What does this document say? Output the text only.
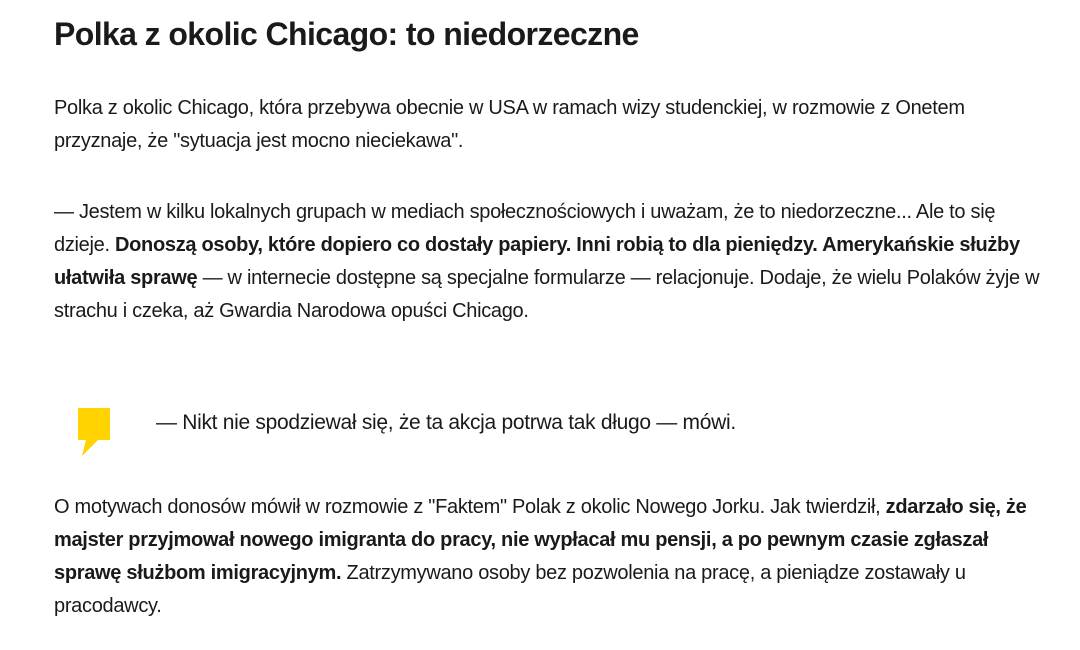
Polka z okolic Chicago: to niedorzeczne

Polka z okolic Chicago, która przebywa obecnie w USA w ramach wizy studenckiej, w rozmowie z Onetem przyznaje, że "sytuacja jest mocno nieciekawa".

— Jestem w kilku lokalnych grupach w mediach społecznościowych i uważam, że to niedorzeczne... Ale to się dzieje. Donoszą osoby, które dopiero co dostały papiery. Inni robią to dla pieniędzy. Amerykańskie służby ułatwiła sprawę — w internecie dostępne są specjalne formularze — relacjonuje. Dodaje, że wielu Polaków żyje w strachu i czeka, aż Gwardia Narodowa opuści Chicago.

— Nikt nie spodziewał się, że ta akcja potrwa tak długo — mówi.

O motywach donosów mówił w rozmowie z "Faktem" Polak z okolic Nowego Jorku. Jak twierdził, zdarzało się, że majster przyjmował nowego imigranta do pracy, nie wypłacał mu pensji, a po pewnym czasie zgłaszał sprawę służbom imigracyjnym. Zatrzymywano osoby bez pozwolenia na pracę, a pieniądze zostawały u pracodawcy.
